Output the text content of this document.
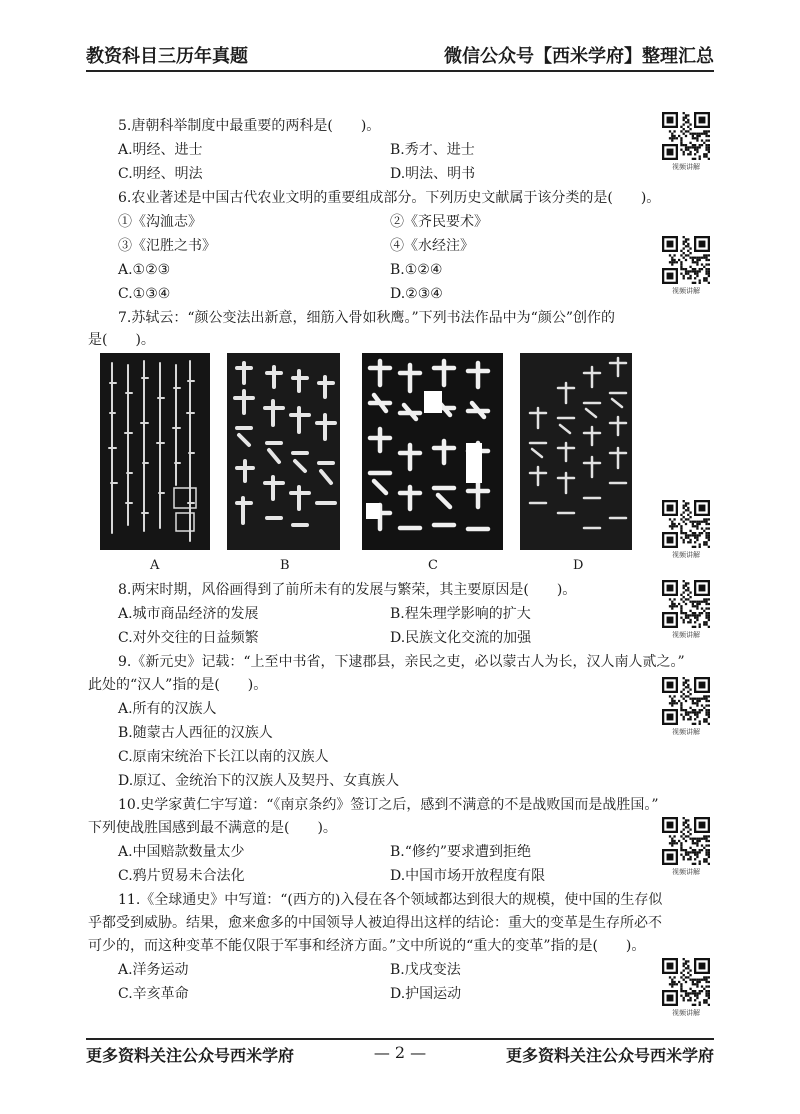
教资科目三历年真题	微信公众号【西米学府】整理汇总
5.唐朝科举制度中最重要的两科是(　　)。
A.明经、进士	B.秀才、进士
C.明经、明法	D.明法、明书
6.农业著述是中国古代农业文明的重要组成部分。下列历史文献属于该分类的是(　　)。
①《沟洫志》	②《齐民要术》
③《氾胜之书》	④《水经注》
A.①②③	B.①②④
C.①③④	D.②③④
7.苏轼云：“颜公变法出新意，细筋入骨如秋鹰。”下列书法作品中为“颜公”创作的
是(　　)。
A	B	C	D
8.两宋时期，风俗画得到了前所未有的发展与繁荣，其主要原因是(　　)。
A.城市商品经济的发展	B.程朱理学影响的扩大
C.对外交往的日益频繁	D.民族文化交流的加强
9.《新元史》记载：“上至中书省，下逮郡县，亲民之吏，必以蒙古人为长，汉人南人贰之。”
此处的“汉人”指的是(　　)。
A.所有的汉族人
B.随蒙古人西征的汉族人
C.原南宋统治下长江以南的汉族人
D.原辽、金统治下的汉族人及契丹、女真族人
10.史学家黄仁宇写道：“《南京条约》签订之后，感到不满意的不是战败国而是战胜国。”
下列使战胜国感到最不满意的是(　　)。
A.中国赔款数量太少	B.“修约”要求遭到拒绝
C.鸦片贸易未合法化	D.中国市场开放程度有限
11.《全球通史》中写道：“(西方的)入侵在各个领域都达到很大的规模，使中国的生存似
乎都受到威胁。结果，愈来愈多的中国领导人被迫得出这样的结论：重大的变革是生存所必不
可少的，而这种变革不能仅限于军事和经济方面。”文中所说的“重大的变革”指的是(　　)。
A.洋务运动	B.戊戌变法
C.辛亥革命	D.护国运动
视频讲解
视频讲解
视频讲解
视频讲解
视频讲解
视频讲解
视频讲解
更多资料关注公众号西米学府	— 2 —	更多资料关注公众号西米学府
